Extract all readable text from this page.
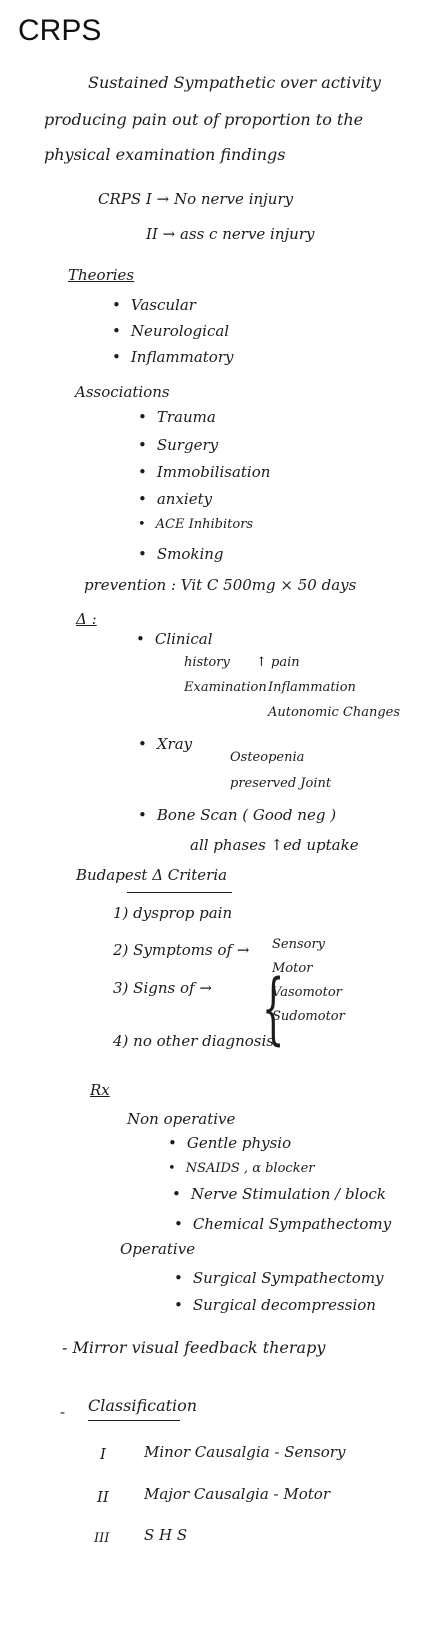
CRPS
Sustained Sympathetic over activity
producing pain out of proportion to the
physical examination findings
CRPS I → No nerve injury
II → ass c nerve injury
Theories
• Vascular
• Neurological
• Inflammatory
Associations
• Trauma
• Surgery
• Immobilisation
• anxiety
• ACE Inhibitors
• Smoking
prevention : Vit C 500mg × 50 days
Δ :
• Clinical
history ↑ pain
Examination Inflammation
Autonomic Changes
• Xray
Osteopenia
preserved Joint
• Bone Scan ( Good neg )
all phases ↑ed uptake
Budapest Δ Criteria
1) dysprop pain
2) Symptoms of →
3) Signs of → {
Sensory
Motor
Vasomotor
Sudomotor
4) no other diagnosis
Rx
Non operative
• Gentle physio
• NSAIDS , α blocker
• Nerve Stimulation / block
• Chemical Sympathectomy
Operative
• Surgical Sympathectomy
• Surgical decompression
- Mirror visual feedback therapy
- Classification
I	Minor Causalgia - Sensory
II Major Causalgia - Motor
III S H S
